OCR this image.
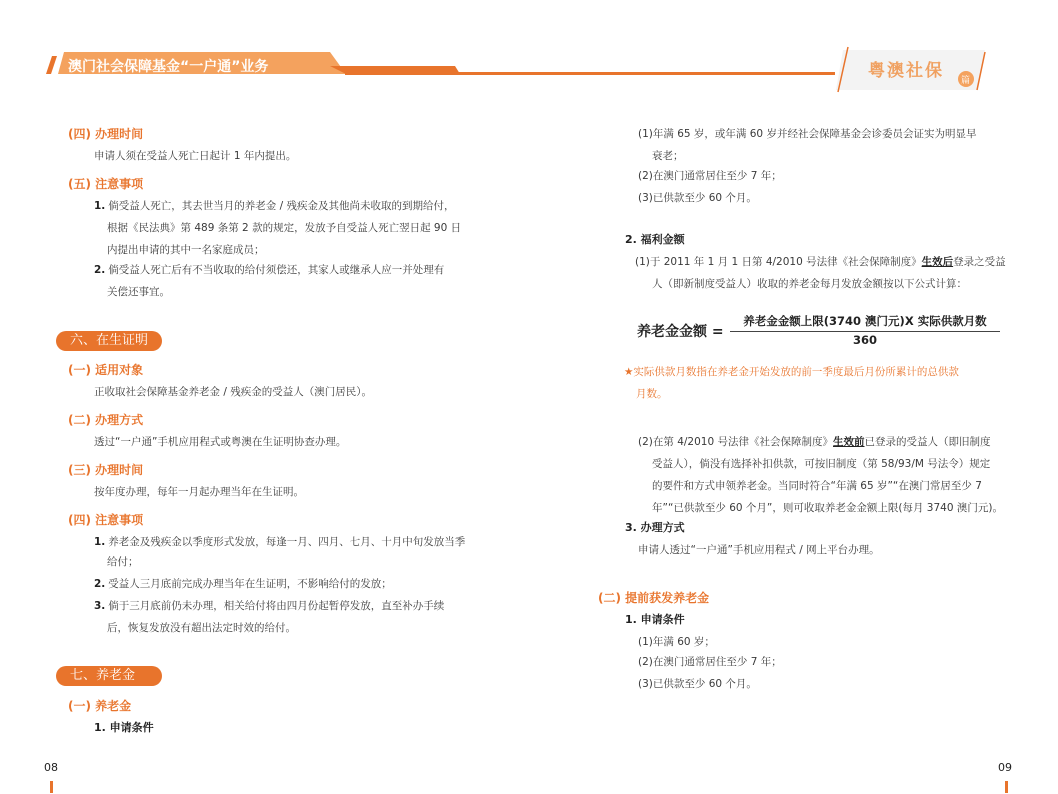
澳门社会保障基金“一户通”业务	粤澳社保 篇
(四) 办理时间
申请人须在受益人死亡日起计 1 年内提出。
(五) 注意事项
1. 倘受益人死亡，其去世当月的养老金 / 残疾金及其他尚未收取的到期给付，
根据《民法典》第 489 条第 2 款的规定，发放予自受益人死亡翌日起 90 日
内提出申请的其中一名家庭成员；
2. 倘受益人死亡后有不当收取的给付须偿还，其家人或继承人应一并处理有
关偿还事宜。
六、在生证明
(一) 适用对象
正收取社会保障基金养老金 / 残疾金的受益人（澳门居民）。
(二) 办理方式
透过“一户通”手机应用程式或粤澳在生证明协查办理。
(三) 办理时间
按年度办理，每年一月起办理当年在生证明。
(四) 注意事项
1. 养老金及残疾金以季度形式发放，每逢一月、四月、七月、十月中旬发放当季
给付；
2. 受益人三月底前完成办理当年在生证明，不影响给付的发放；
3. 倘于三月底前仍未办理，相关给付将由四月份起暂停发放，直至补办手续
后，恢复发放没有超出法定时效的给付。
七、养老金
(一) 养老金
1. 申请条件
08
(1)年满 65 岁，或年满 60 岁并经社会保障基金会诊委员会证实为明显早
衰老；
(2)在澳门通常居住至少 7 年；
(3)已供款至少 60 个月。
2. 福利金额
(1)于 2011 年 1 月 1 日第 4/2010 号法律《社会保障制度》生效后登录之受益
人（即新制度受益人）收取的养老金每月发放金额按以下公式计算：
养老金金额 =
养老金金额上限(3740 澳门元)X 实际供款月数
360
★实际供款月数指在养老金开始发放的前一季度最后月份所累计的总供款
月数。
(2)在第 4/2010 号法律《社会保障制度》生效前已登录的受益人（即旧制度
受益人），倘没有选择补扣供款，可按旧制度（第 58/93/M 号法令）规定
的要件和方式申领养老金。当同时符合“年满 65 岁”“在澳门常居至少 7
年”“已供款至少 60 个月”，则可收取养老金金额上限(每月 3740 澳门元)。
3. 办理方式
申请人透过“一户通”手机应用程式 / 网上平台办理。
(二) 提前获发养老金
1. 申请条件
(1)年满 60 岁；
(2)在澳门通常居住至少 7 年；
(3)已供款至少 60 个月。
09
